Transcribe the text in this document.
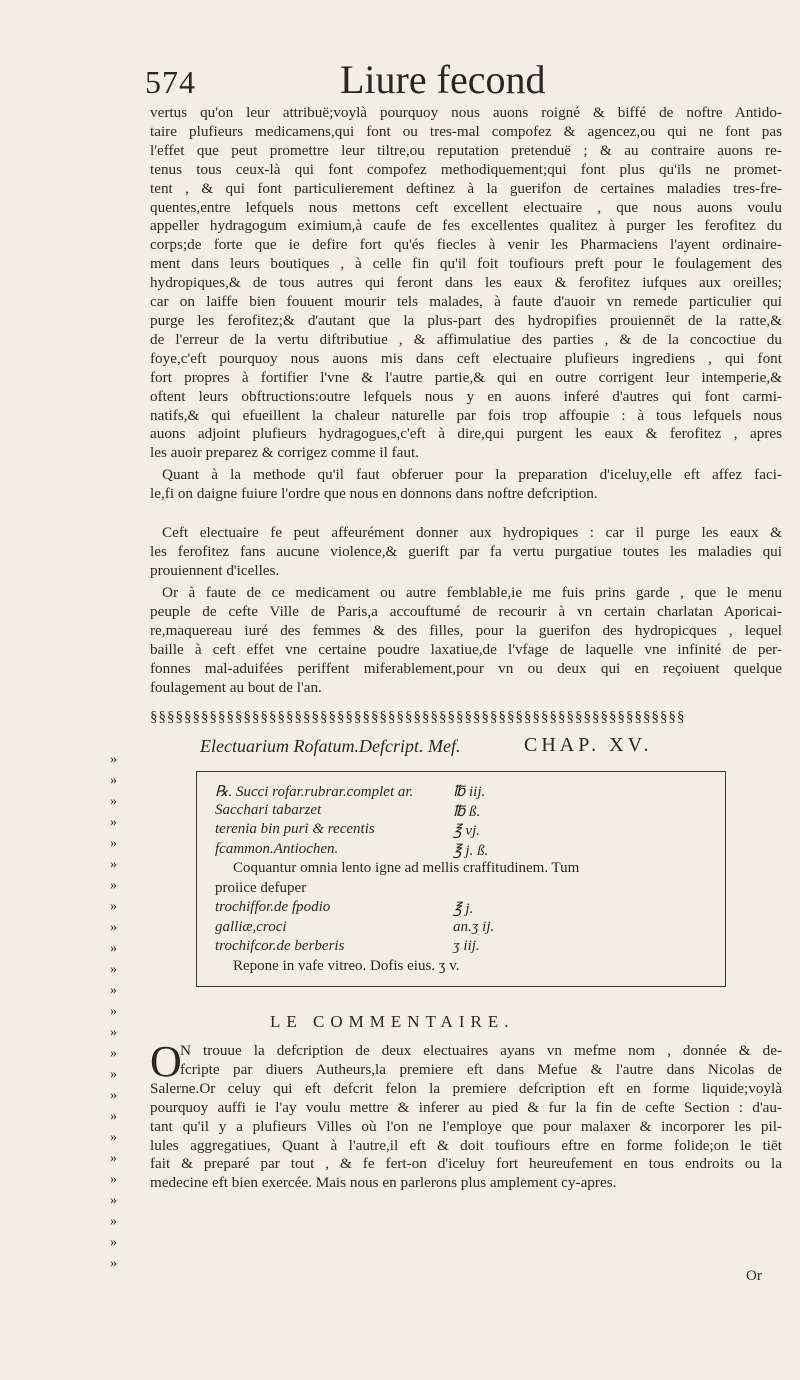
574	Liure fecond
vertus qu'on leur attribuë;voylà pourquoy nous auons roigné & biffé de noftre Antido-
taire plufieurs medicamens,qui font ou tres-mal compofez & agencez,ou qui ne font pas
l'effet que peut promettre leur tiltre,ou reputation pretenduë ; & au contraire auons re-
tenus tous ceux-là qui font compofez methodiquement;qui font plus qu'ils ne promet-
tent , & qui font particulierement deftinez à la guerifon de certaines maladies tres-fre-
quentes,entre lefquels nous mettons ceft excellent electuaire , que nous auons voulu
appeller hydragogum eximium,à caufe de fes excellentes qualitez à purger les ferofitez du
corps;de forte que ie defire fort qu'és fiecles à venir les Pharmaciens l'ayent ordinaire-
ment dans leurs boutiques , à celle fin qu'il foit toufiours preft pour le foulagement des
hydropiques,& de tous autres qui feront dans les eaux & ferofitez iufques aux oreilles;
car on laiffe bien fouuent mourir tels malades, à faute d'auoir vn remede particulier qui
purge les ferofitez;& d'autant que la plus-part des hydropifies prouiennēt de la ratte,&
de l'erreur de la vertu diftributiue , & affimulatiue des parties , & de la concoctiue du
foye,c'eft pourquoy nous auons mis dans ceft electuaire plufieurs ingrediens , qui font
fort propres à fortifier l'vne & l'autre partie,& qui en outre corrigent leur intemperie,&
oftent leurs obftructions:outre lefquels nous y en auons inferé d'autres qui font carmi-
natifs,& qui efueillent la chaleur naturelle par fois trop affoupie : à tous lefquels nous
auons adjoint plufieurs hydragogues,c'eft à dire,qui purgent les eaux & ferofitez , apres
les auoir preparez & corrigez comme il faut.
Quant à la methode qu'il faut obferuer pour la preparation d'iceluy,elle eft affez faci-
le,fi on daigne fuiure l'ordre que nous en donnons dans noftre defcription.
Ceft electuaire fe peut affeurément donner aux hydropiques : car il purge les eaux &
les ferofitez fans aucune violence,& guerift par fa vertu purgatiue toutes les maladies qui
prouiennent d'icelles.
Or à faute de ce medicament ou autre femblable,ie me fuis prins garde , que le menu
peuple de cefte Ville de Paris,a accouftumé de recourir à vn certain charlatan Aporicai-
re,maquereau iuré des femmes & des filles, pour la guerifon des hydropicques , lequel
baille à ceft effet vne certaine poudre laxatiue,de l'vfage de laquelle vne infinité de per-
fonnes mal-aduifées periffent miferablement,pour vn ou deux qui en reçoiuent quelque
foulagement au bout de l'an.
§§§§§§§§§§§§§§§§§§§§§§§§§§§§§§§§§§§§§§§§§§§§§§§§§§§§§§§§§§§§§§§
Electuarium Rofatum.Defcript. Mef.	CHAP. XV.
»
»
»
»
»
»
»
»
»
»
»
»
»
»
»
»
»
»
»
»
»
»
»
»
»
℞. Succi rofar.rubrar.complet ar.	℔ iij.
Sacchari tabarzet	℔ ß.
terenia bin puri & recentis	℥ vj.
fcammon.Antiochen.	℥ j. ß.
Coquantur omnia lento igne ad mellis craffitudinem. Tum
proiice defuper
trochiffor.de fpodio	℥ j.
galliæ,croci	an.ʒ ij.
trochifcor.de berberis	ʒ iij.
Repone in vafe vitreo. Dofis eius. ʒ v.
LE COMMENTAIRE.
O
N trouue la defcription de deux electuaires ayans vn mefme nom , donnée & de-
fcripte par diuers Autheurs,la premiere eft dans Mefue & l'autre dans Nicolas de
Salerne.Or celuy qui eft defcrit felon la premiere defcription eft en forme liquide;voylà
pourquoy auffi ie l'ay voulu mettre & inferer au pied & fur la fin de cefte Section : d'au-
tant qu'il y a plufieurs Villes où l'on ne l'employe que pour malaxer & incorporer les pil-
lules aggregatiues, Quant à l'autre,il eft & doit toufiours eftre en forme folide;on le tiēt
fait & preparé par tout , & fe fert-on d'iceluy fort heureufement en tous endroits ou la
medecine eft bien exercée. Mais nous en parlerons plus amplement cy-apres.
Or
